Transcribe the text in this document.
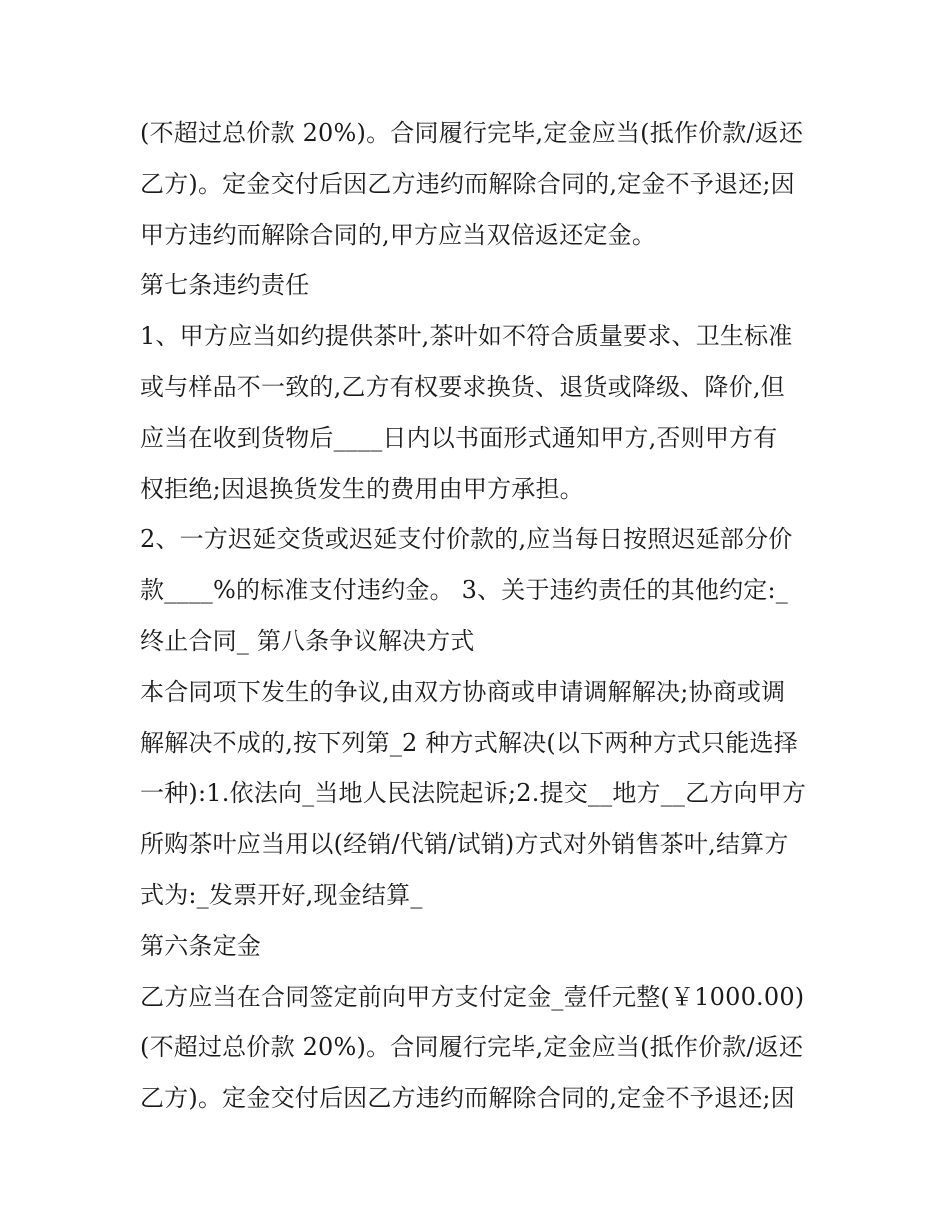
(不超过总价款 20%)。合同履行完毕,定金应当(抵作价款/返还
乙方)。定金交付后因乙方违约而解除合同的,定金不予退还;因
甲方违约而解除合同的,甲方应当双倍返还定金。
第七条违约责任
1、甲方应当如约提供茶叶,茶叶如不符合质量要求、卫生标准
或与样品不一致的,乙方有权要求换货、退货或降级、降价,但
应当在收到货物后____日内以书面形式通知甲方,否则甲方有
权拒绝;因退换货发生的费用由甲方承担。
2、一方迟延交货或迟延支付价款的,应当每日按照迟延部分价
款____%的标准支付违约金。 3、关于违约责任的其他约定:_
终止合同_ 第八条争议解决方式
本合同项下发生的争议,由双方协商或申请调解解决;协商或调
解解决不成的,按下列第_2 种方式解决(以下两种方式只能选择
一种):1.依法向_当地人民法院起诉;2.提交__地方__乙方向甲方
所购茶叶应当用以(经销/代销/试销)方式对外销售茶叶,结算方
式为:_发票开好,现金结算_
第六条定金
乙方应当在合同签定前向甲方支付定金_壹仟元整(￥1000.00)
(不超过总价款 20%)。合同履行完毕,定金应当(抵作价款/返还
乙方)。定金交付后因乙方违约而解除合同的,定金不予退还;因
